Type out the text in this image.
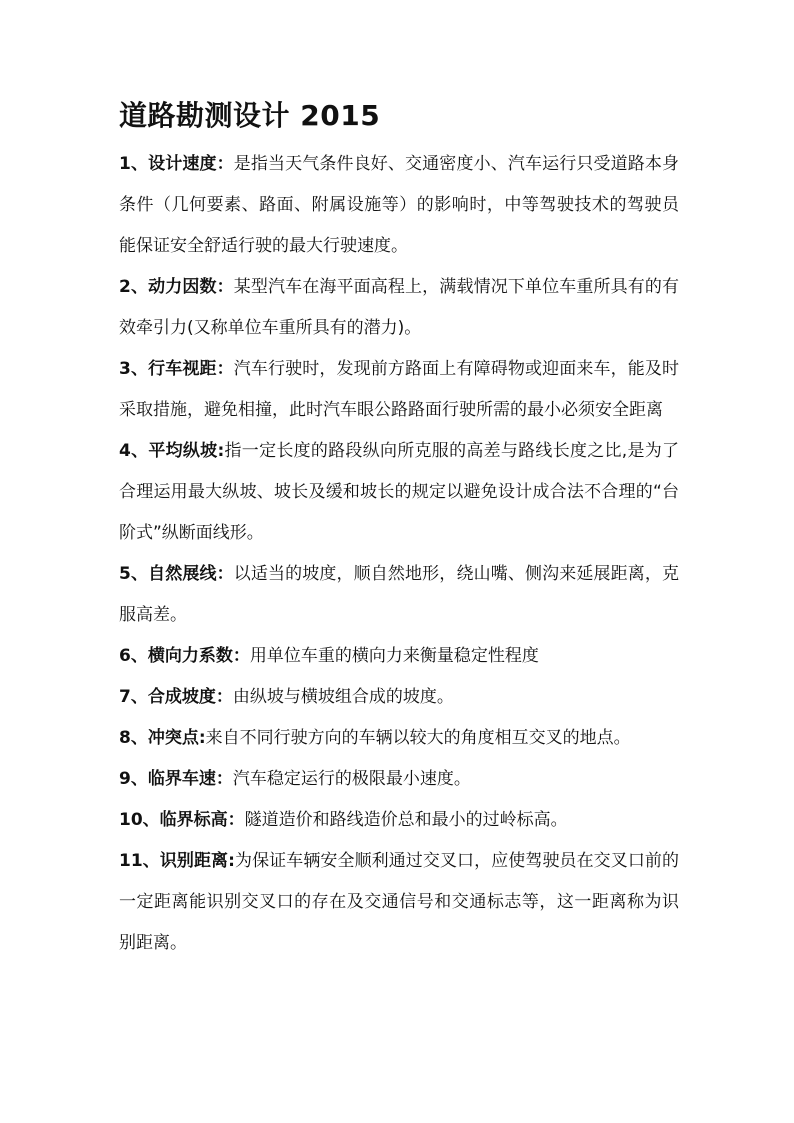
道路勘测设计 2015

1、设计速度：是指当天气条件良好、交通密度小、汽车运行只受道路本身条件（几何要素、路面、附属设施等）的影响时，中等驾驶技术的驾驶员能保证安全舒适行驶的最大行驶速度。

2、动力因数：某型汽车在海平面高程上，满载情况下单位车重所具有的有效牵引力(又称单位车重所具有的潜力)。

3、行车视距：汽车行驶时，发现前方路面上有障碍物或迎面来车，能及时采取措施，避免相撞，此时汽车眼公路路面行驶所需的最小必须安全距离

4、平均纵坡:指一定长度的路段纵向所克服的高差与路线长度之比,是为了合理运用最大纵坡、坡长及缓和坡长的规定以避免设计成合法不合理的“台阶式”纵断面线形。

5、自然展线：以适当的坡度，顺自然地形，绕山嘴、侧沟来延展距离，克服高差。

6、横向力系数：用单位车重的横向力来衡量稳定性程度

7、合成坡度：由纵坡与横坡组合成的坡度。

8、冲突点:来自不同行驶方向的车辆以较大的角度相互交叉的地点。

9、临界车速：汽车稳定运行的极限最小速度。

10、临界标高：隧道造价和路线造价总和最小的过岭标高。

11、识别距离:为保证车辆安全顺利通过交叉口，应使驾驶员在交叉口前的一定距离能识别交叉口的存在及交通信号和交通标志等，这一距离称为识别距离。
